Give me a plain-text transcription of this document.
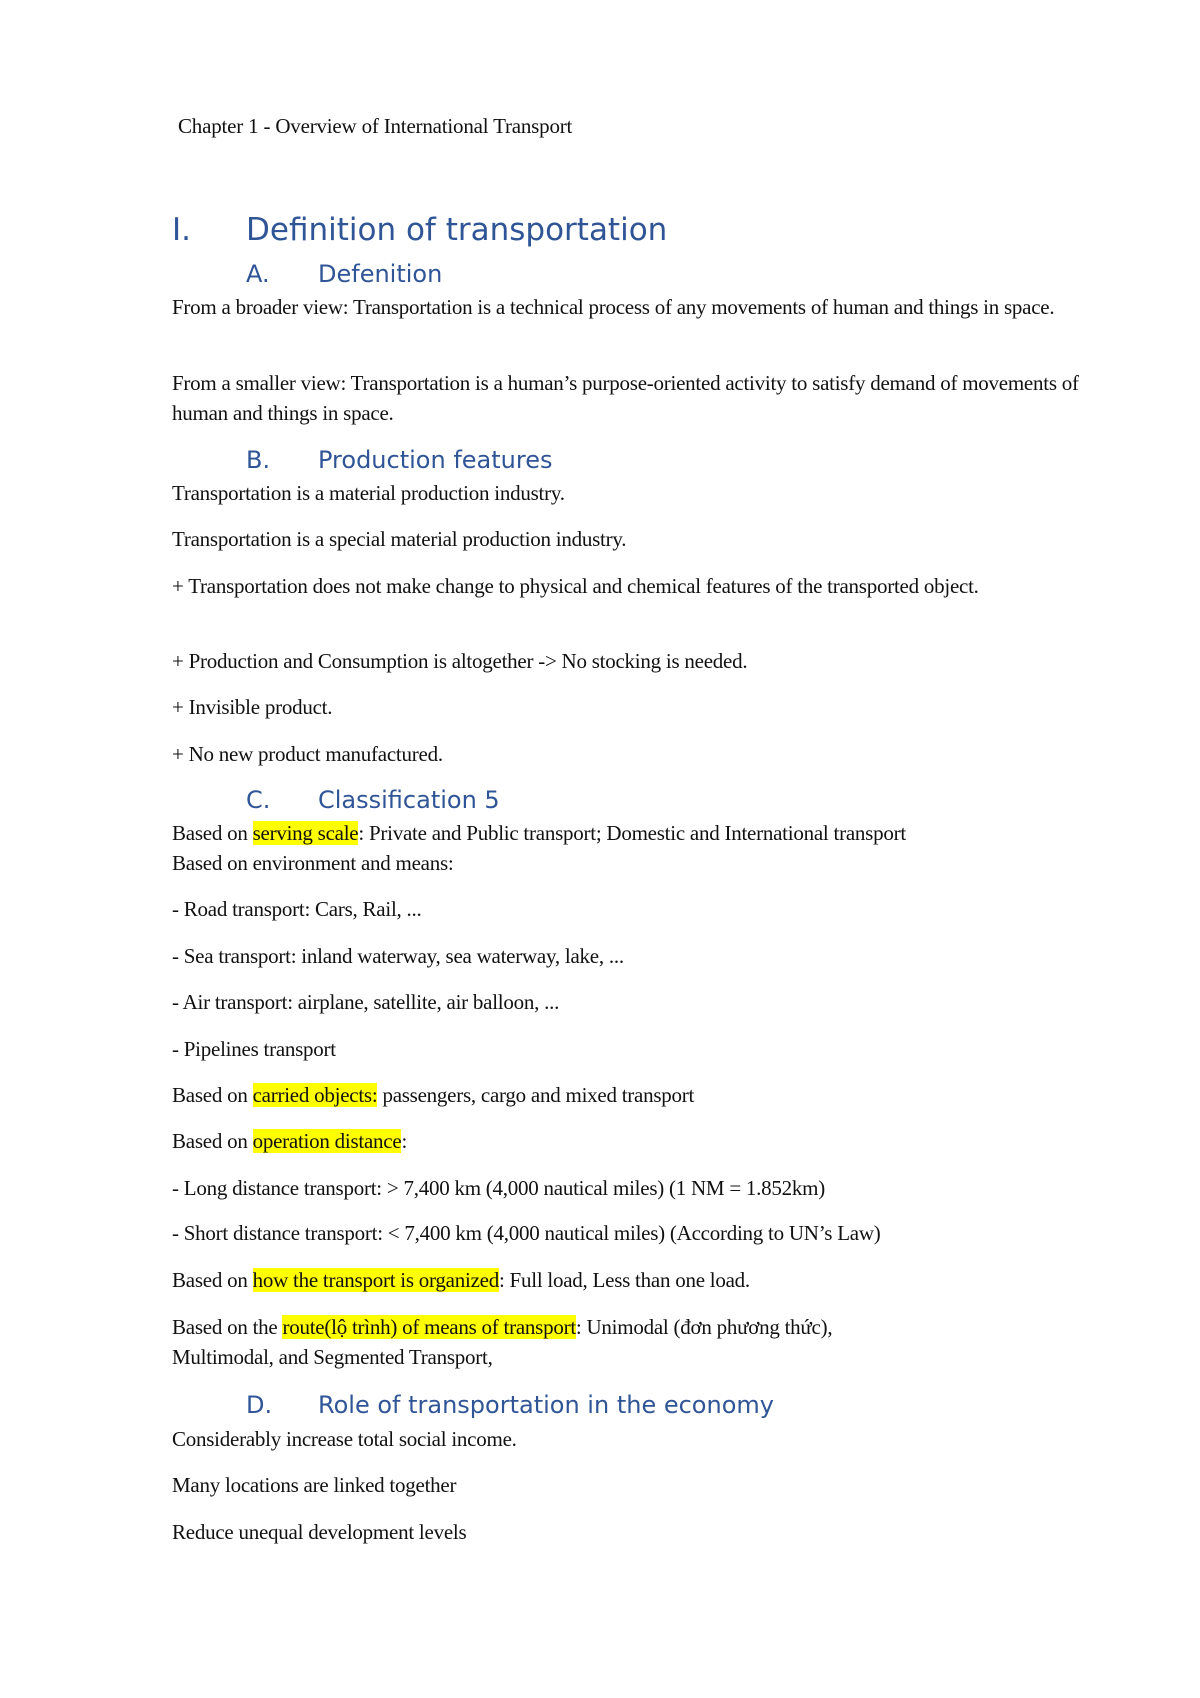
Chapter 1 - Overview of International Transport
I. Definition of transportation
A. Defenition
From a broader view: Transportation is a technical process of any movements of human and things in space.
From a smaller view: Transportation is a human’s purpose-oriented activity to satisfy demand of movements of human and things in space.
B. Production features
Transportation is a material production industry.
Transportation is a special material production industry.
+ Transportation does not make change to physical and chemical features of the transported object.
+ Production and Consumption is altogether -> No stocking is needed.
+ Invisible product.
+ No new product manufactured.
C. Classification 5
Based on serving scale: Private and Public transport; Domestic and International transport
Based on environment and means:
- Road transport: Cars, Rail, ...
- Sea transport: inland waterway, sea waterway, lake, ...
- Air transport: airplane, satellite, air balloon, ...
- Pipelines transport
Based on carried objects: passengers, cargo and mixed transport
Based on operation distance:
- Long distance transport: > 7,400 km (4,000 nautical miles) (1 NM = 1.852km)
- Short distance transport: < 7,400 km (4,000 nautical miles) (According to UN’s Law)
Based on how the transport is organized: Full load, Less than one load.
Based on the route(lộ trình) of means of transport: Unimodal (đơn phương thức),
Multimodal, and Segmented Transport,
D. Role of transportation in the economy
Considerably increase total social income.
Many locations are linked together
Reduce unequal development levels
